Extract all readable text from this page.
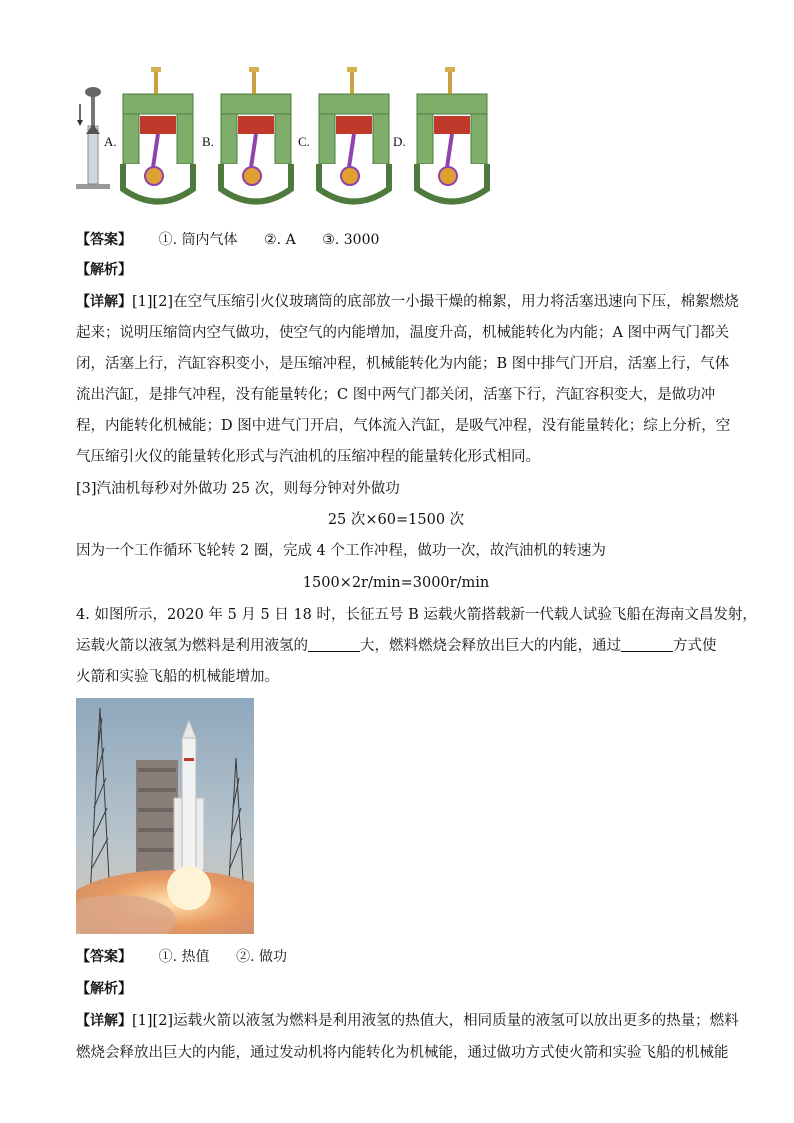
A.	B.	C.	D.
【答案】 ①. 筒内气体 ②. A ③. 3000
【解析】
【详解】[1][2]在空气压缩引火仪玻璃筒的底部放一小撮干燥的棉絮，用力将活塞迅速向下压，棉絮燃烧
起来；说明压缩筒内空气做功，使空气的内能增加，温度升高，机械能转化为内能；A 图中两气门都关
闭，活塞上行，汽缸容积变小，是压缩冲程，机械能转化为内能；B 图中排气门开启，活塞上行，气体
流出汽缸，是排气冲程，没有能量转化；C 图中两气门都关闭，活塞下行，汽缸容积变大，是做功冲
程，内能转化机械能；D 图中进气门开启，气体流入汽缸，是吸气冲程，没有能量转化；综上分析，空
气压缩引火仪的能量转化形式与汽油机的压缩冲程的能量转化形式相同。
[3]汽油机每秒对外做功 25 次，则每分钟对外做功
25 次×60=1500 次
因为一个工作循环飞轮转 2 圈，完成 4 个工作冲程，做功一次，故汽油机的转速为
1500×2r/min=3000r/min
4. 如图所示，2020 年 5 月 5 日 18 时，长征五号 B 运载火箭搭载新一代载人试验飞船在海南文昌发射，
运载火箭以液氢为燃料是利用液氢的	大，燃料燃烧会释放出巨大的内能，通过	方式使
火箭和实验飞船的机械能增加。
【答案】 ①. 热值 ②. 做功
【解析】
【详解】[1][2]运载火箭以液氢为燃料是利用液氢的热值大，相同质量的液氢可以放出更多的热量；燃料
燃烧会释放出巨大的内能，通过发动机将内能转化为机械能，通过做功方式使火箭和实验飞船的机械能
